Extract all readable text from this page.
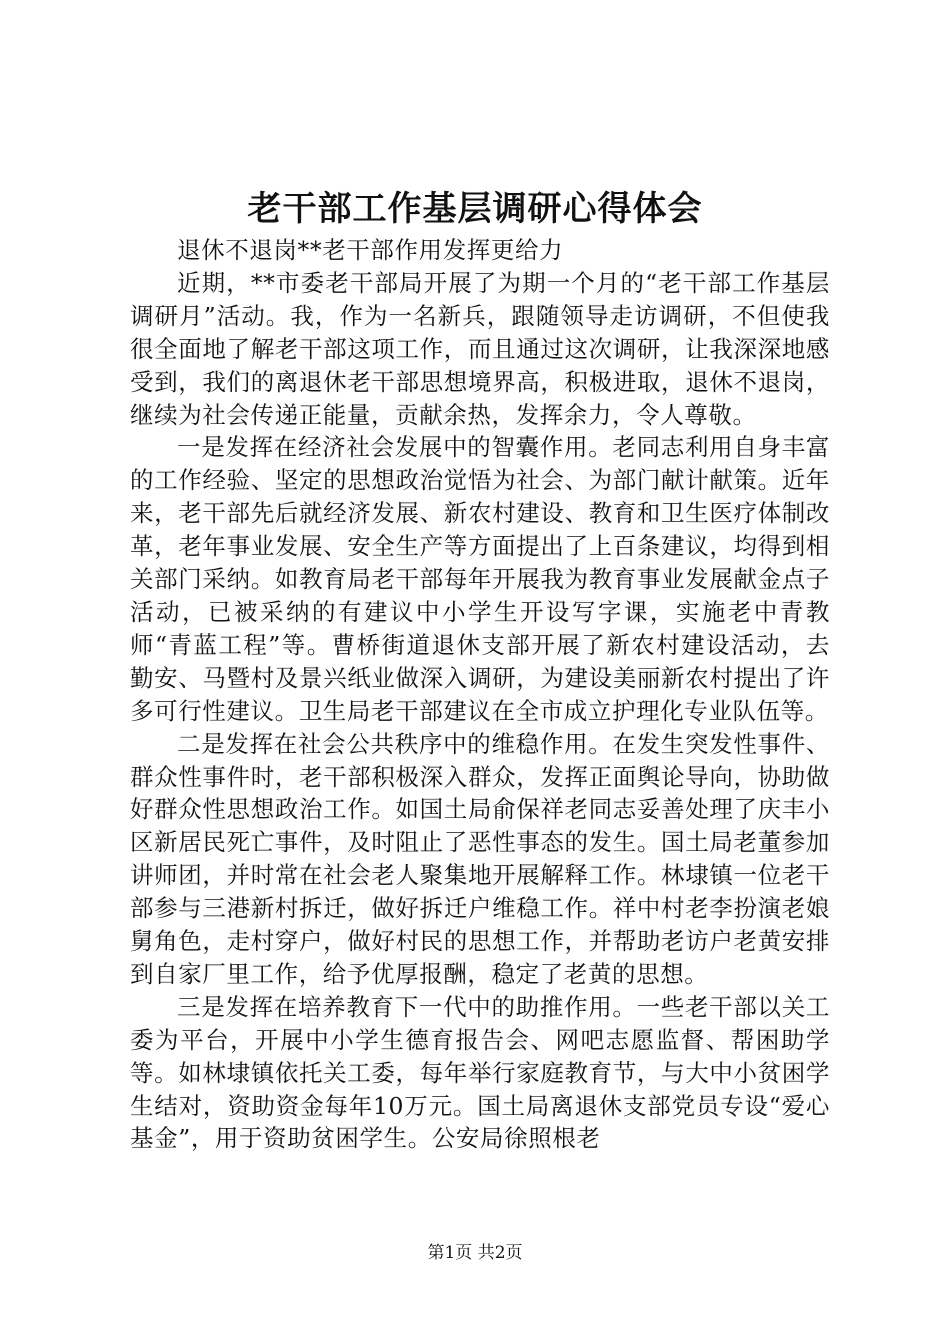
老干部工作基层调研心得体会

退休不退岗**老干部作用发挥更给力

近期，**市委老干部局开展了为期一个月的“老干部工作基层调研月”活动。我，作为一名新兵，跟随领导走访调研，不但使我很全面地了解老干部这项工作，而且通过这次调研，让我深深地感受到，我们的离退休老干部思想境界高，积极进取，退休不退岗，继续为社会传递正能量，贡献余热，发挥余力，令人尊敬。

一是发挥在经济社会发展中的智囊作用。老同志利用自身丰富的工作经验、坚定的思想政治觉悟为社会、为部门献计献策。近年来，老干部先后就经济发展、新农村建设、教育和卫生医疗体制改革，老年事业发展、安全生产等方面提出了上百条建议，均得到相关部门采纳。如教育局老干部每年开展我为教育事业发展献金点子活动，已被采纳的有建议中小学生开设写字课，实施老中青教师“青蓝工程”等。曹桥街道退休支部开展了新农村建设活动，去勤安、马暨村及景兴纸业做深入调研，为建设美丽新农村提出了许多可行性建议。卫生局老干部建议在全市成立护理化专业队伍等。

二是发挥在社会公共秩序中的维稳作用。在发生突发性事件、群众性事件时，老干部积极深入群众，发挥正面舆论导向，协助做好群众性思想政治工作。如国土局俞保祥老同志妥善处理了庆丰小区新居民死亡事件，及时阻止了恶性事态的发生。国土局老董参加讲师团，并时常在社会老人聚集地开展解释工作。林埭镇一位老干部参与三港新村拆迁，做好拆迁户维稳工作。祥中村老李扮演老娘舅角色，走村穿户，做好村民的思想工作，并帮助老访户老黄安排到自家厂里工作，给予优厚报酬，稳定了老黄的思想。

三是发挥在培养教育下一代中的助推作用。一些老干部以关工委为平台，开展中小学生德育报告会、网吧志愿监督、帮困助学等。如林埭镇依托关工委，每年举行家庭教育节，与大中小贫困学生结对，资助资金每年10万元。国土局离退休支部党员专设“爱心基金”，用于资助贫困学生。公安局徐照根老

第1页 共2页
